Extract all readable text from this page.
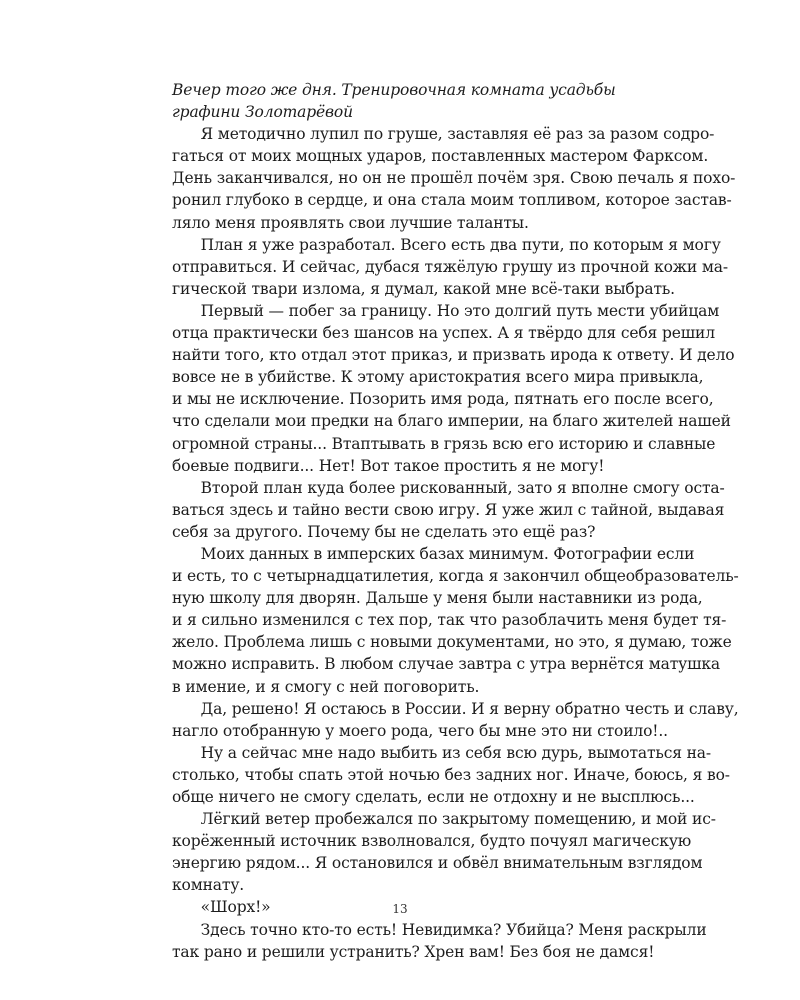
Вечер того же дня. Тренировочная комната усадьбы
графини Золотарёвой
Я методично лупил по груше, заставляя её раз за разом содро-
гаться от моих мощных ударов, поставленных мастером Фарксом.
День заканчивался, но он не прошёл почём зря. Свою печаль я похо-
ронил глубоко в сердце, и она стала моим топливом, которое застав-
ляло меня проявлять свои лучшие таланты.
План я уже разработал. Всего есть два пути, по которым я могу
отправиться. И сейчас, дубася тяжёлую грушу из прочной кожи ма-
гической твари излома, я думал, какой мне всё-таки выбрать.
Первый — побег за границу. Но это долгий путь мести убийцам
отца практически без шансов на успех. А я твёрдо для себя решил
найти того, кто отдал этот приказ, и призвать ирода к ответу. И дело
вовсе не в убийстве. К этому аристократия всего мира привыкла,
и мы не исключение. Позорить имя рода, пятнать его после всего,
что сделали мои предки на благо империи, на благо жителей нашей
огромной страны... Втаптывать в грязь всю его историю и славные
боевые подвиги... Нет! Вот такое простить я не могу!
Второй план куда более рискованный, зато я вполне смогу оста-
ваться здесь и тайно вести свою игру. Я уже жил с тайной, выдавая
себя за другого. Почему бы не сделать это ещё раз?
Моих данных в имперских базах минимум. Фотографии если
и есть, то с четырнадцатилетия, когда я закончил общеобразователь-
ную школу для дворян. Дальше у меня были наставники из рода,
и я сильно изменился с тех пор, так что разоблачить меня будет тя-
жело. Проблема лишь с новыми документами, но это, я думаю, тоже
можно исправить. В любом случае завтра с утра вернётся матушка
в имение, и я смогу с ней поговорить.
Да, решено! Я остаюсь в России. И я верну обратно честь и славу,
нагло отобранную у моего рода, чего бы мне это ни стоило!..
Ну а сейчас мне надо выбить из себя всю дурь, вымотаться на-
столько, чтобы спать этой ночью без задних ног. Иначе, боюсь, я во-
обще ничего не смогу сделать, если не отдохну и не высплюсь...
Лёгкий ветер пробежался по закрытому помещению, и мой ис-
корёженный источник взволновался, будто почуял магическую
энергию рядом... Я остановился и обвёл внимательным взглядом
комнату.
«Шорх!»
Здесь точно кто-то есть! Невидимка? Убийца? Меня раскрыли
так рано и решили устранить? Хрен вам! Без боя не дамся!
13
